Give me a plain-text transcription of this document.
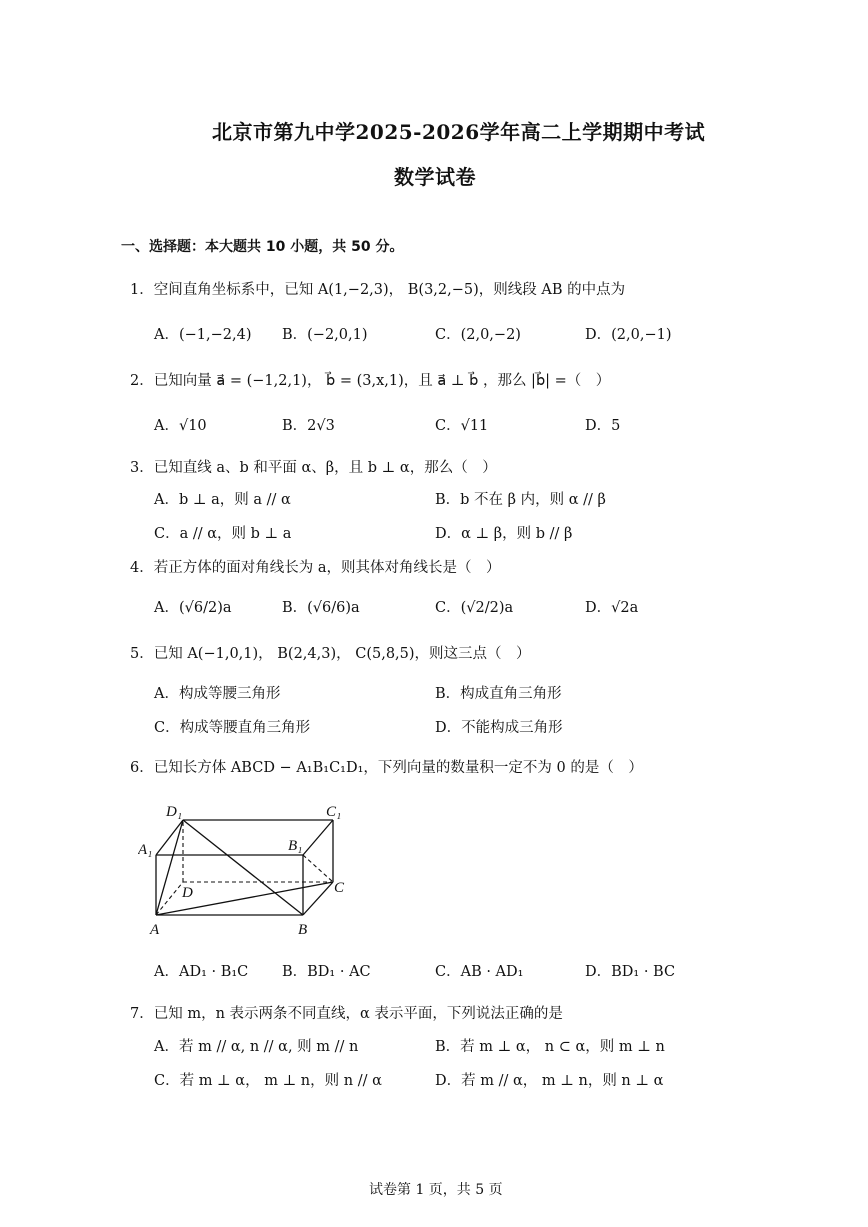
北京市第九中学2025-2026学年高二上学期期中考试
数学试卷
一、选择题：本大题共 10 小题，共 50 分。
1．空间直角坐标系中，已知 A(1,−2,3)， B(3,2,−5)，则线段 AB 的中点为
A．(−1,−2,4) B．(−2,0,1)	C．(2,0,−2)	D．(2,0,−1)
2．已知向量 a⃗ = (−1,2,1)， b⃗ = (3,x,1)，且 a⃗ ⊥ b⃗ ，那么 |b⃗| =（　）
A．√10	B．2√3	C．√11	D．5
3．已知直线 a、b 和平面 α、β，且 b ⊥ α，那么（　）
A．b ⊥ a，则 a // α	B．b 不在 β 内，则 α // β
C．a // α，则 b ⊥ a	D．α ⊥ β，则 b // β
4．若正方体的面对角线长为 a，则其体对角线长是（　）
A．(√6/2)a	B．(√6/6)a	C．(√2/2)a	D．√2a
5．已知 A(−1,0,1)， B(2,4,3)， C(5,8,5)，则这三点（　）
A．构成等腰三角形	B．构成直角三角形
C．构成等腰直角三角形	D．不能构成三角形
6．已知长方体 ABCD − A₁B₁C₁D₁，下列向量的数量积一定不为 0 的是（　）
D₁	C₁
A₁	B₁
C
D
A	B
A．AD₁ · B₁C B．BD₁ · AC	C．AB · AD₁	D．BD₁ · BC
7．已知 m，n 表示两条不同直线，α 表示平面，下列说法正确的是
A．若 m // α, n // α, 则 m // n	B．若 m ⊥ α， n ⊂ α，则 m ⊥ n
C．若 m ⊥ α， m ⊥ n，则 n // α	D．若 m // α， m ⊥ n，则 n ⊥ α
试卷第 1 页，共 5 页
